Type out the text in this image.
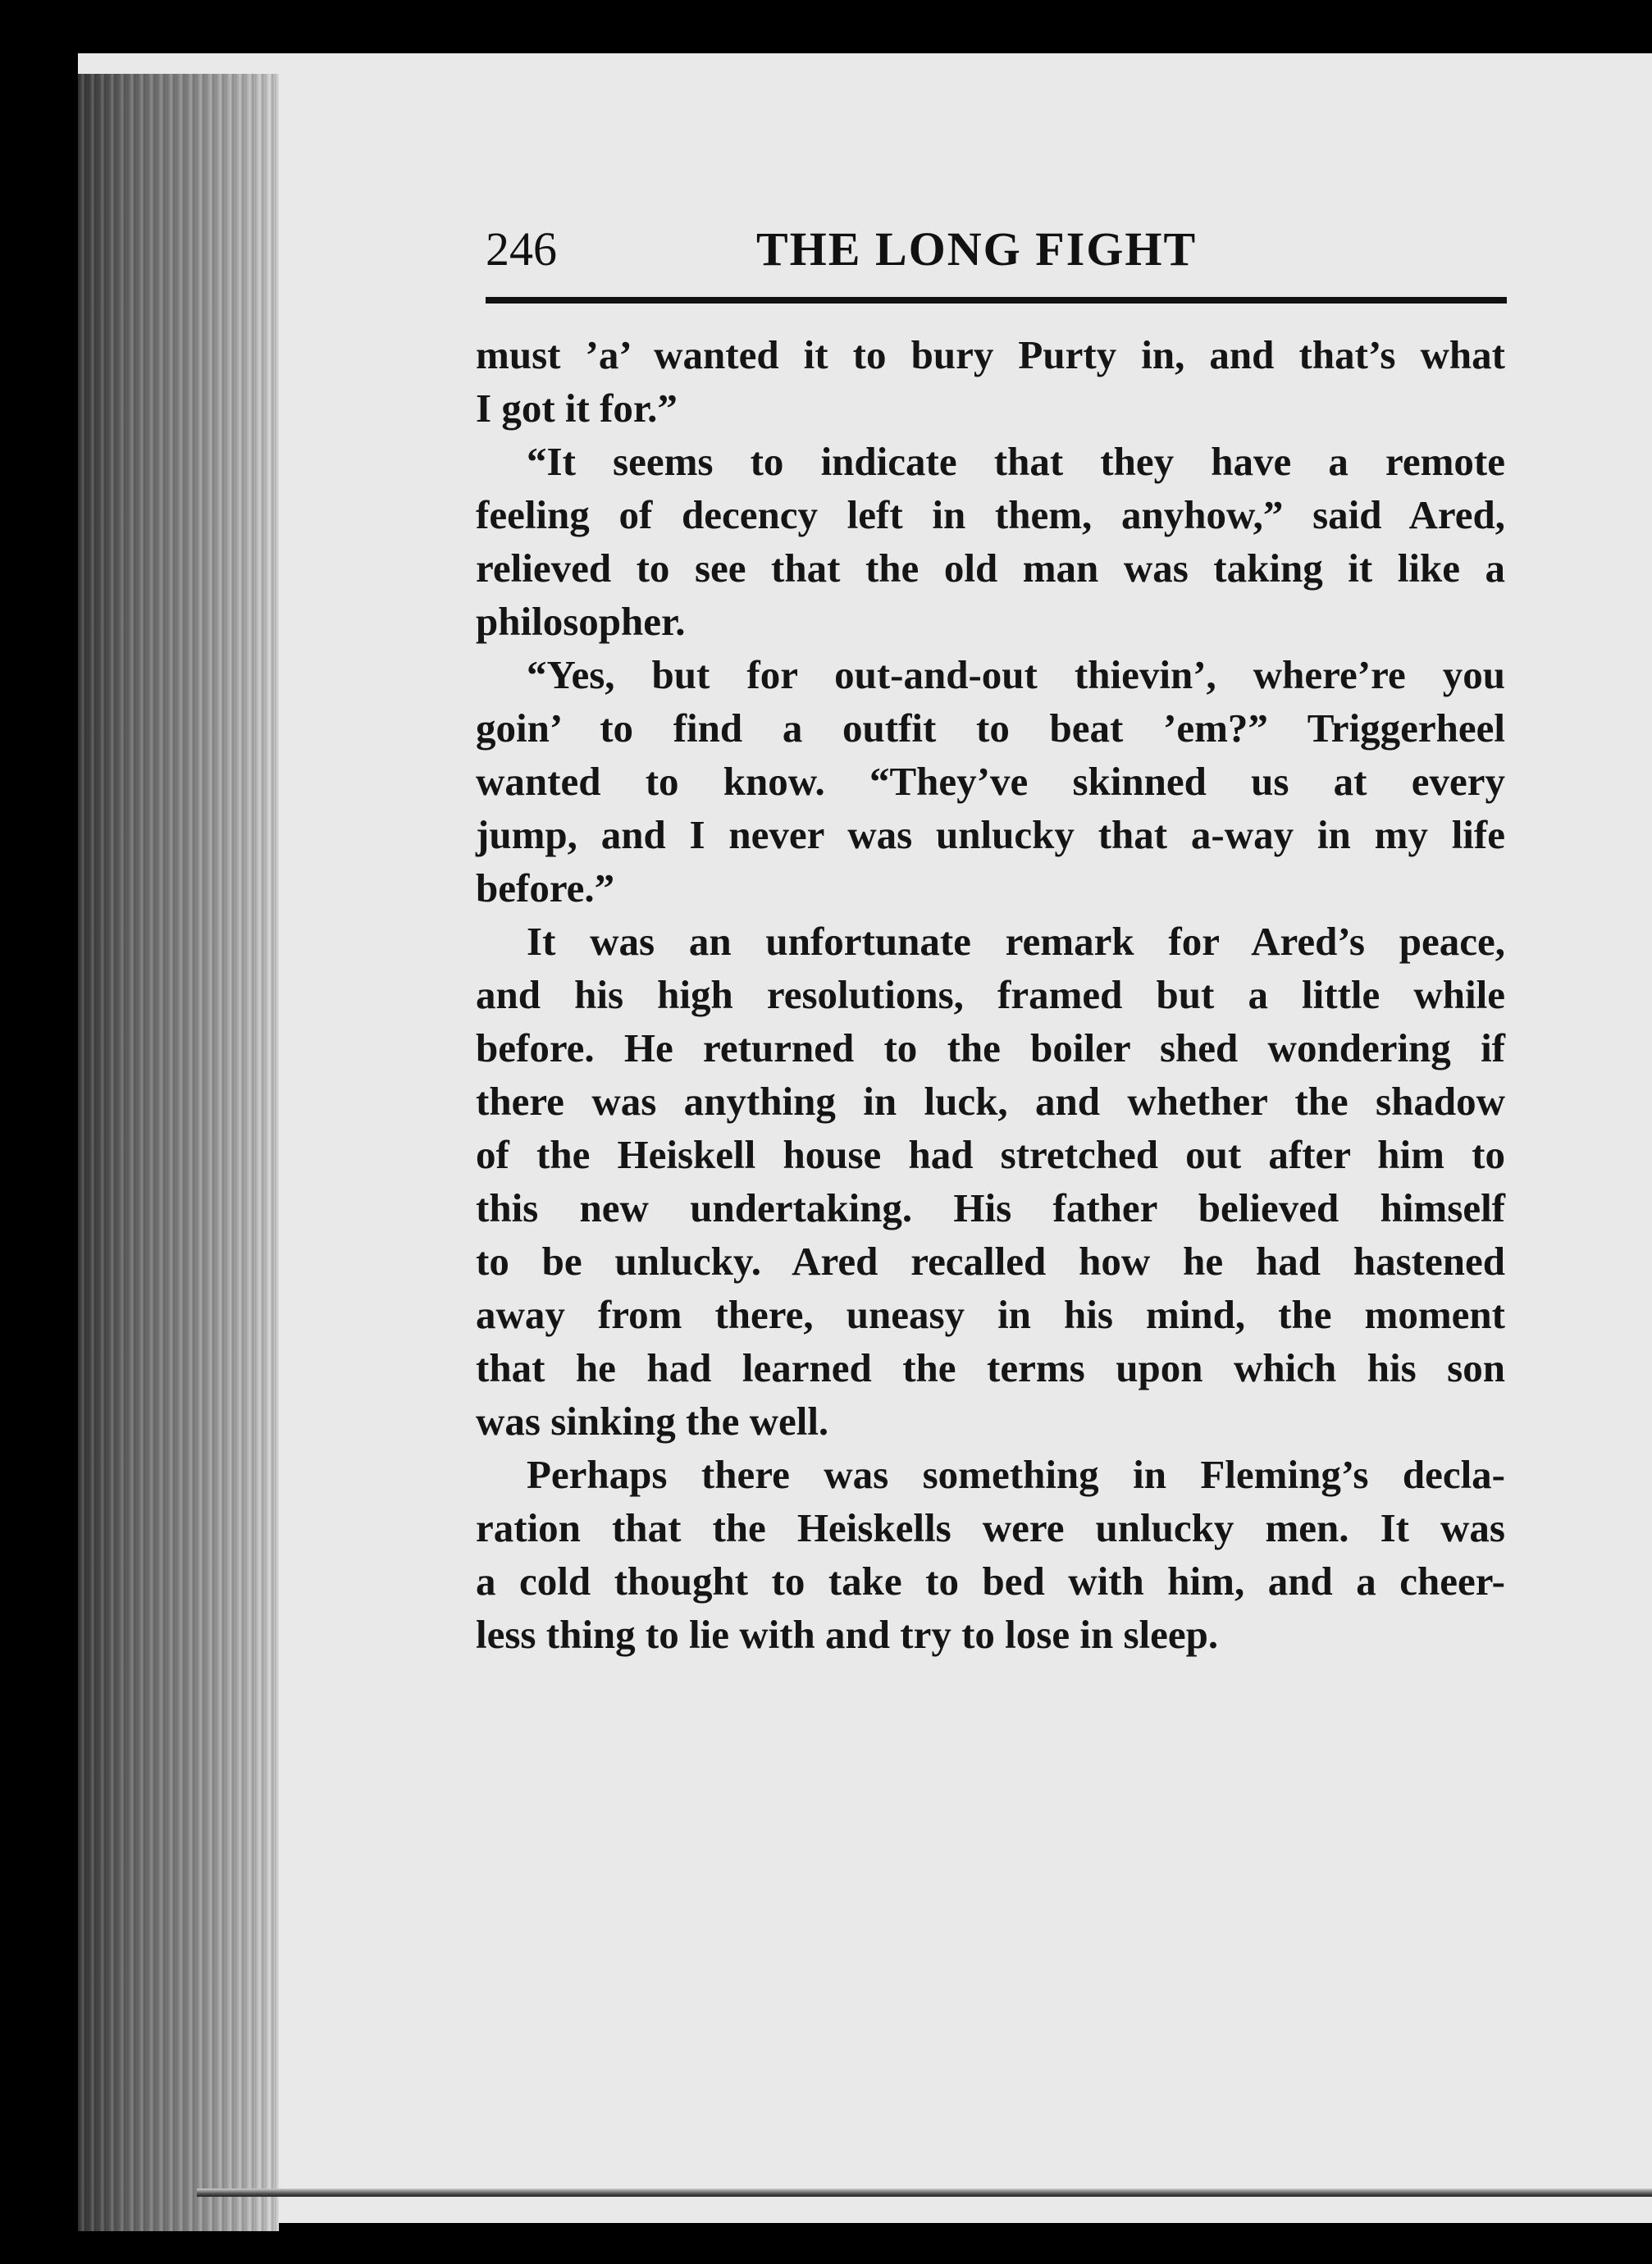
246	THE LONG FIGHT
must ’a’ wanted it to bury Purty in, and that’s what
I got it for.”
“It seems to indicate that they have a remote
feeling of decency left in them, anyhow,” said Ared,
relieved to see that the old man was taking it like a
philosopher.
“Yes, but for out-and-out thievin’, where’re you
goin’ to find a outfit to beat ’em?” Triggerheel
wanted to know. “They’ve skinned us at every
jump, and I never was unlucky that a-way in my life
before.”
It was an unfortunate remark for Ared’s peace,
and his high resolutions, framed but a little while
before. He returned to the boiler shed wondering if
there was anything in luck, and whether the shadow
of the Heiskell house had stretched out after him to
this new undertaking. His father believed himself
to be unlucky. Ared recalled how he had hastened
away from there, uneasy in his mind, the moment
that he had learned the terms upon which his son
was sinking the well.
Perhaps there was something in Fleming’s decla-
ration that the Heiskells were unlucky men. It was
a cold thought to take to bed with him, and a cheer-
less thing to lie with and try to lose in sleep.
